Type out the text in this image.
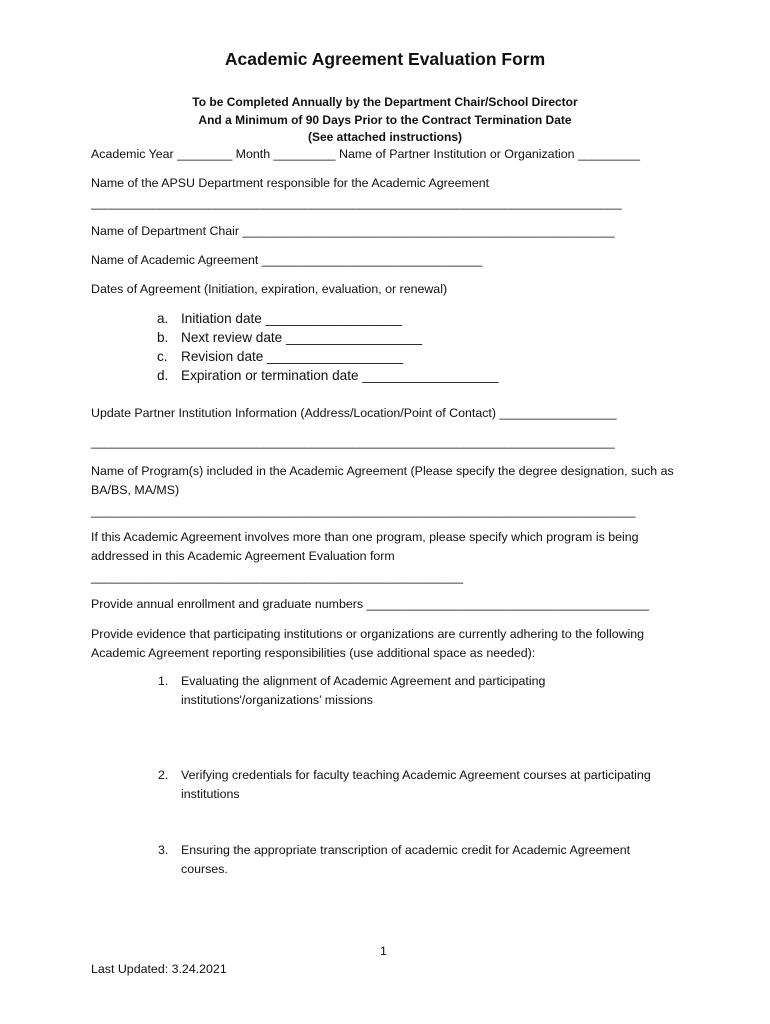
Academic Agreement Evaluation Form
To be Completed Annually by the Department Chair/School Director
And a Minimum of 90 Days Prior to the Contract Termination Date
(See attached instructions)
Academic Year ________ Month _________ Name of Partner Institution or Organization _________
Name of the APSU Department responsible for the Academic Agreement
_____________________________________________________________________________
Name of Department Chair ______________________________________________________
Name of Academic Agreement ________________________________
Dates of Agreement (Initiation, expiration, evaluation, or renewal)
a. Initiation date __________________
b. Next review date __________________
c. Revision date __________________
d. Expiration or termination date __________________
Update Partner Institution Information (Address/Location/Point of Contact) _________________
____________________________________________________________________________
Name of Program(s) included in the Academic Agreement (Please specify the degree designation, such as BA/BS, MA/MS)
_______________________________________________________________________________
If this Academic Agreement involves more than one program, please specify which program is being addressed in this Academic Agreement Evaluation form
______________________________________________________
Provide annual enrollment and graduate numbers _________________________________________
Provide evidence that participating institutions or organizations are currently adhering to the following Academic Agreement reporting responsibilities (use additional space as needed):
1. Evaluating the alignment of Academic Agreement and participating institutions'/organizations’ missions
2. Verifying credentials for faculty teaching Academic Agreement courses at participating institutions
3. Ensuring the appropriate transcription of academic credit for Academic Agreement courses.
1
Last Updated: 3.24.2021
